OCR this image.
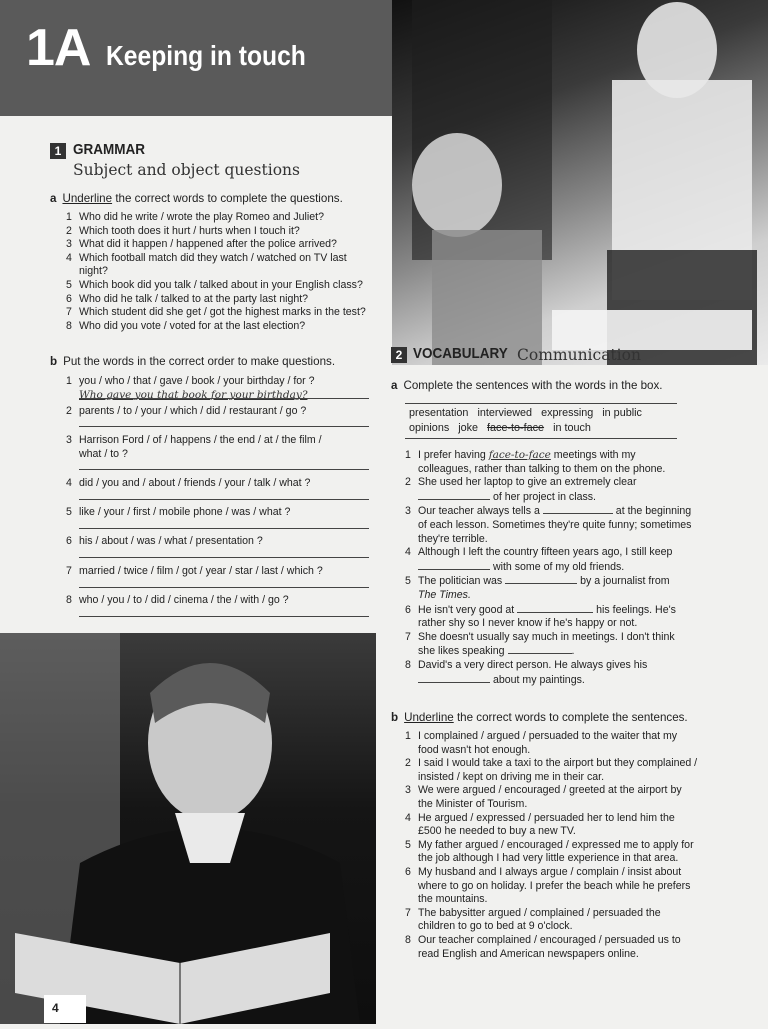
1A Keeping in touch
1 GRAMMAR
Subject and object questions
a Underline the correct words to complete the questions.
1 Who did he write / wrote the play Romeo and Juliet?
2 Which tooth does it hurt / hurts when I touch it?
3 What did it happen / happened after the police arrived?
4 Which football match did they watch / watched on TV last
night?
5 Which book did you talk / talked about in your English class?
6 Who did he talk / talked to at the party last night?
7 Which student did she get / got the highest marks in the test?
8 Who did you vote / voted for at the last election?
b Put the words in the correct order to make questions.
1 you / who / that / gave / book / your birthday / for ?
Who gave you that book for your birthday?
2 parents / to / your / which / did / restaurant / go ?
3 Harrison Ford / of / happens / the end / at / the film /
what / to ?
4 did / you and / about / friends / your / talk / what ?
5 like / your / first / mobile phone / was / what ?
6 his / about / was / what / presentation ?
7 married / twice / film / got / year / star / last / which ?
8 who / you / to / did / cinema / the / with / go ?
2 VOCABULARY Communication
a Complete the sentences with the words in the box.
presentation interviewed expressing in public
opinions joke face-to-face in touch
1 I prefer having face-to-face meetings with my
colleagues, rather than talking to them on the phone.
2 She used her laptop to give an extremely clear
of her project in class.
3 Our teacher always tells a	at the beginning
of each lesson. Sometimes they're quite funny; sometimes
they're terrible.
4 Although I left the country fifteen years ago, I still keep
with some of my old friends.
5 The politician was	by a journalist from
The Times.
6 He isn't very good at	his feelings. He's
rather shy so I never know if he's happy or not.
7 She doesn't usually say much in meetings. I don't think
she likes speaking	.
8 David's a very direct person. He always gives his
about my paintings.
b Underline the correct words to complete the sentences.
1 I complained / argued / persuaded to the waiter that my
food wasn't hot enough.
2 I said I would take a taxi to the airport but they complained /
insisted / kept on driving me in their car.
3 We were argued / encouraged / greeted at the airport by
the Minister of Tourism.
4 He argued / expressed / persuaded her to lend him the
£500 he needed to buy a new TV.
5 My father argued / encouraged / expressed me to apply for
the job although I had very little experience in that area.
6 My husband and I always argue / complain / insist about
where to go on holiday. I prefer the beach while he prefers
the mountains.
7 The babysitter argued / complained / persuaded the
children to go to bed at 9 o'clock.
8 Our teacher complained / encouraged / persuaded us to
read English and American newspapers online.
4
